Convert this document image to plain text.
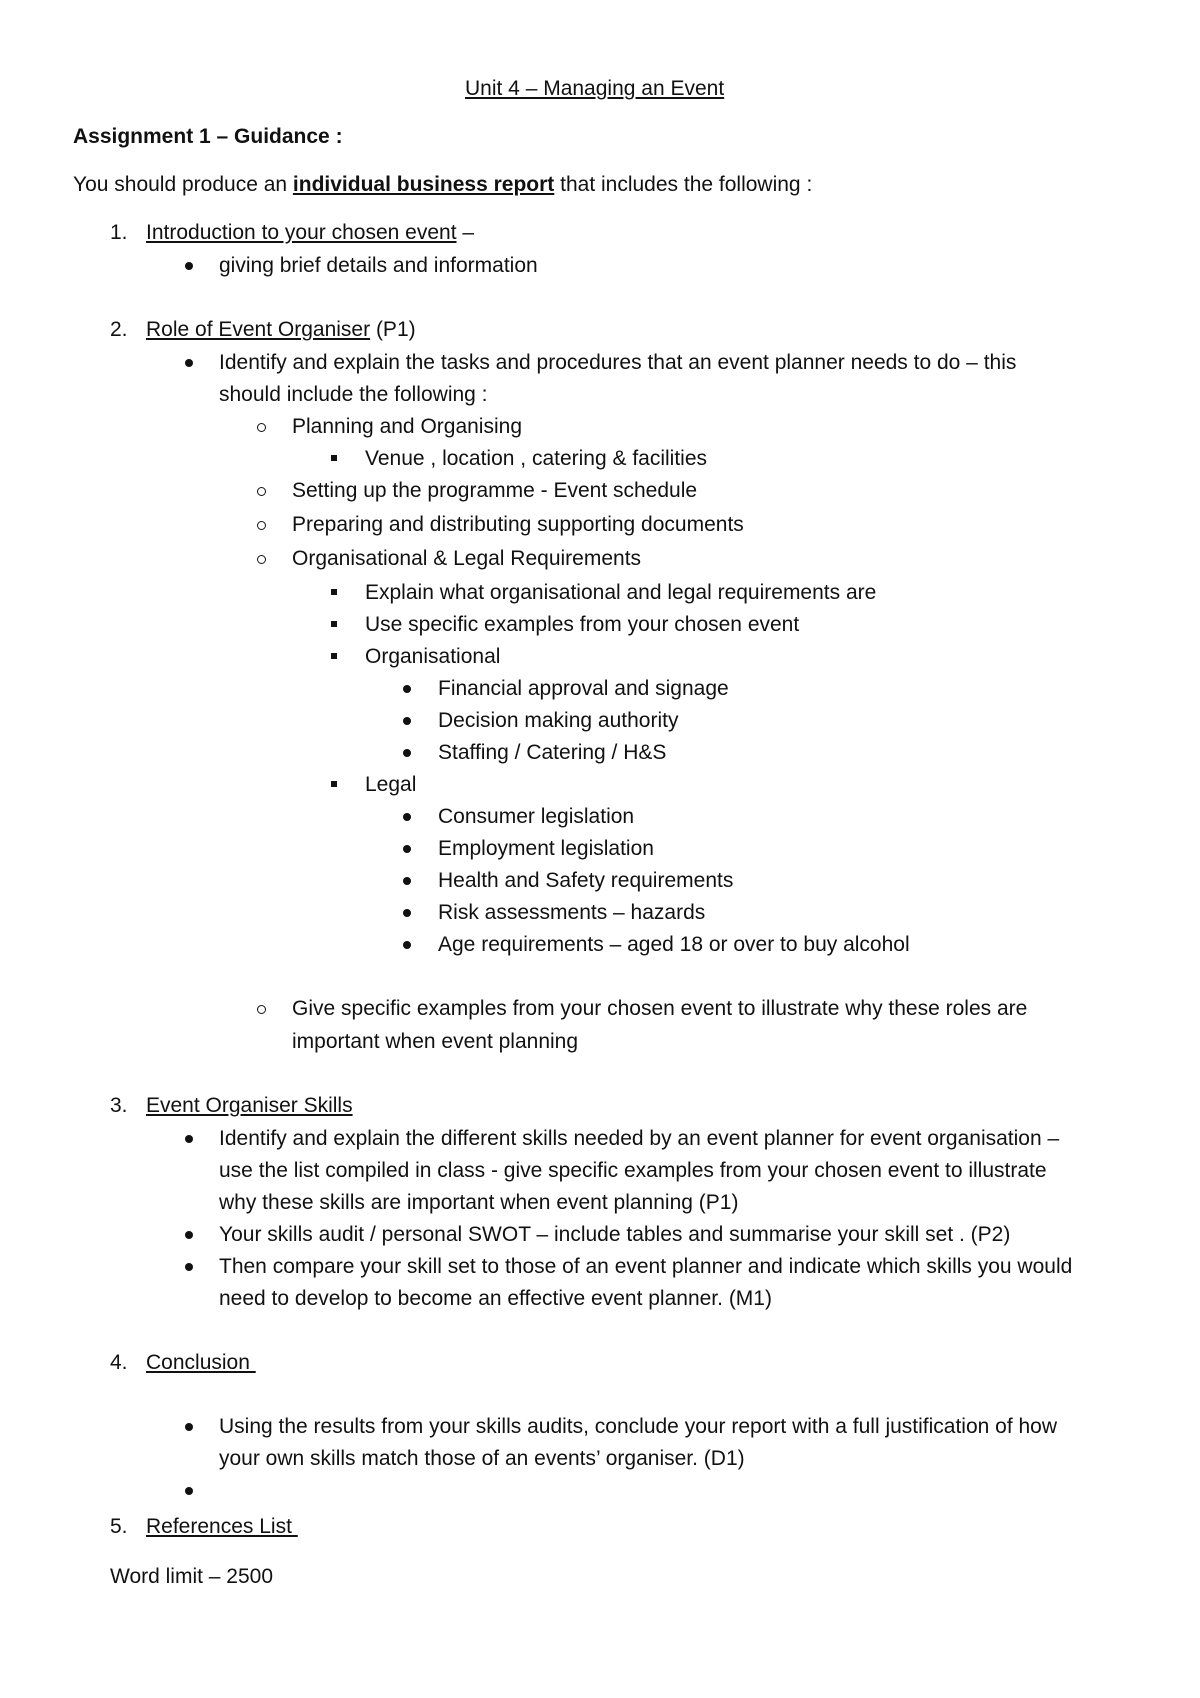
Unit 4 – Managing an Event
Assignment 1 – Guidance :
You should produce an individual business report that includes the following :
1. Introduction to your chosen event –
giving brief details and information
2. Role of Event Organiser (P1)
Identify and explain the tasks and procedures that an event planner needs to do – this
should include the following :
Planning and Organising
Venue , location , catering & facilities
Setting up the programme - Event schedule
Preparing and distributing supporting documents
Organisational & Legal Requirements
Explain what organisational and legal requirements are
Use specific examples from your chosen event
Organisational
Financial approval and signage
Decision making authority
Staffing / Catering / H&S
Legal
Consumer legislation
Employment legislation
Health and Safety requirements
Risk assessments – hazards
Age requirements – aged 18 or over to buy alcohol
Give specific examples from your chosen event to illustrate why these roles are
important when event planning
3. Event Organiser Skills
Identify and explain the different skills needed by an event planner for event organisation –
use the list compiled in class - give specific examples from your chosen event to illustrate
why these skills are important when event planning (P1)
Your skills audit / personal SWOT – include tables and summarise your skill set . (P2)
Then compare your skill set to those of an event planner and indicate which skills you would
need to develop to become an effective event planner. (M1)
4. Conclusion
Using the results from your skills audits, conclude your report with a full justification of how
your own skills match those of an events’ organiser. (D1)
5. References List
Word limit – 2500
